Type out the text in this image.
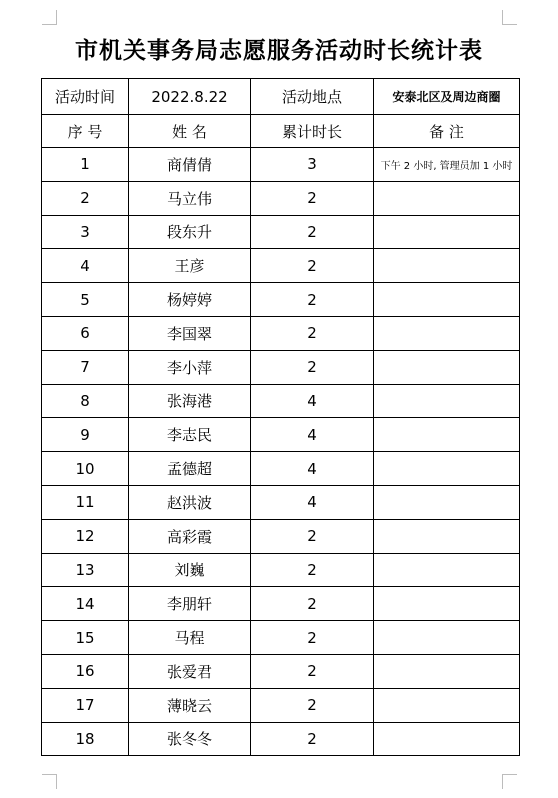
市机关事务局志愿服务活动时长统计表
活动时间	2022.8.22	活动地点	安泰北区及周边商圈
序 号	姓 名	累计时长	备 注
1	商倩倩	3	下午 2 小时, 管理员加 1 小时
2	马立伟	2	
3	段东升	2	
4	王彦	2	
5	杨婷婷	2	
6	李国翠	2	
7	李小萍	2	
8	张海港	4	
9	李志民	4	
10	孟德超	4	
11	赵洪波	4	
12	高彩霞	2	
13	刘巍	2	
14	李朋轩	2	
15	马程	2	
16	张爱君	2	
17	薄晓云	2	
18	张冬冬	2	
